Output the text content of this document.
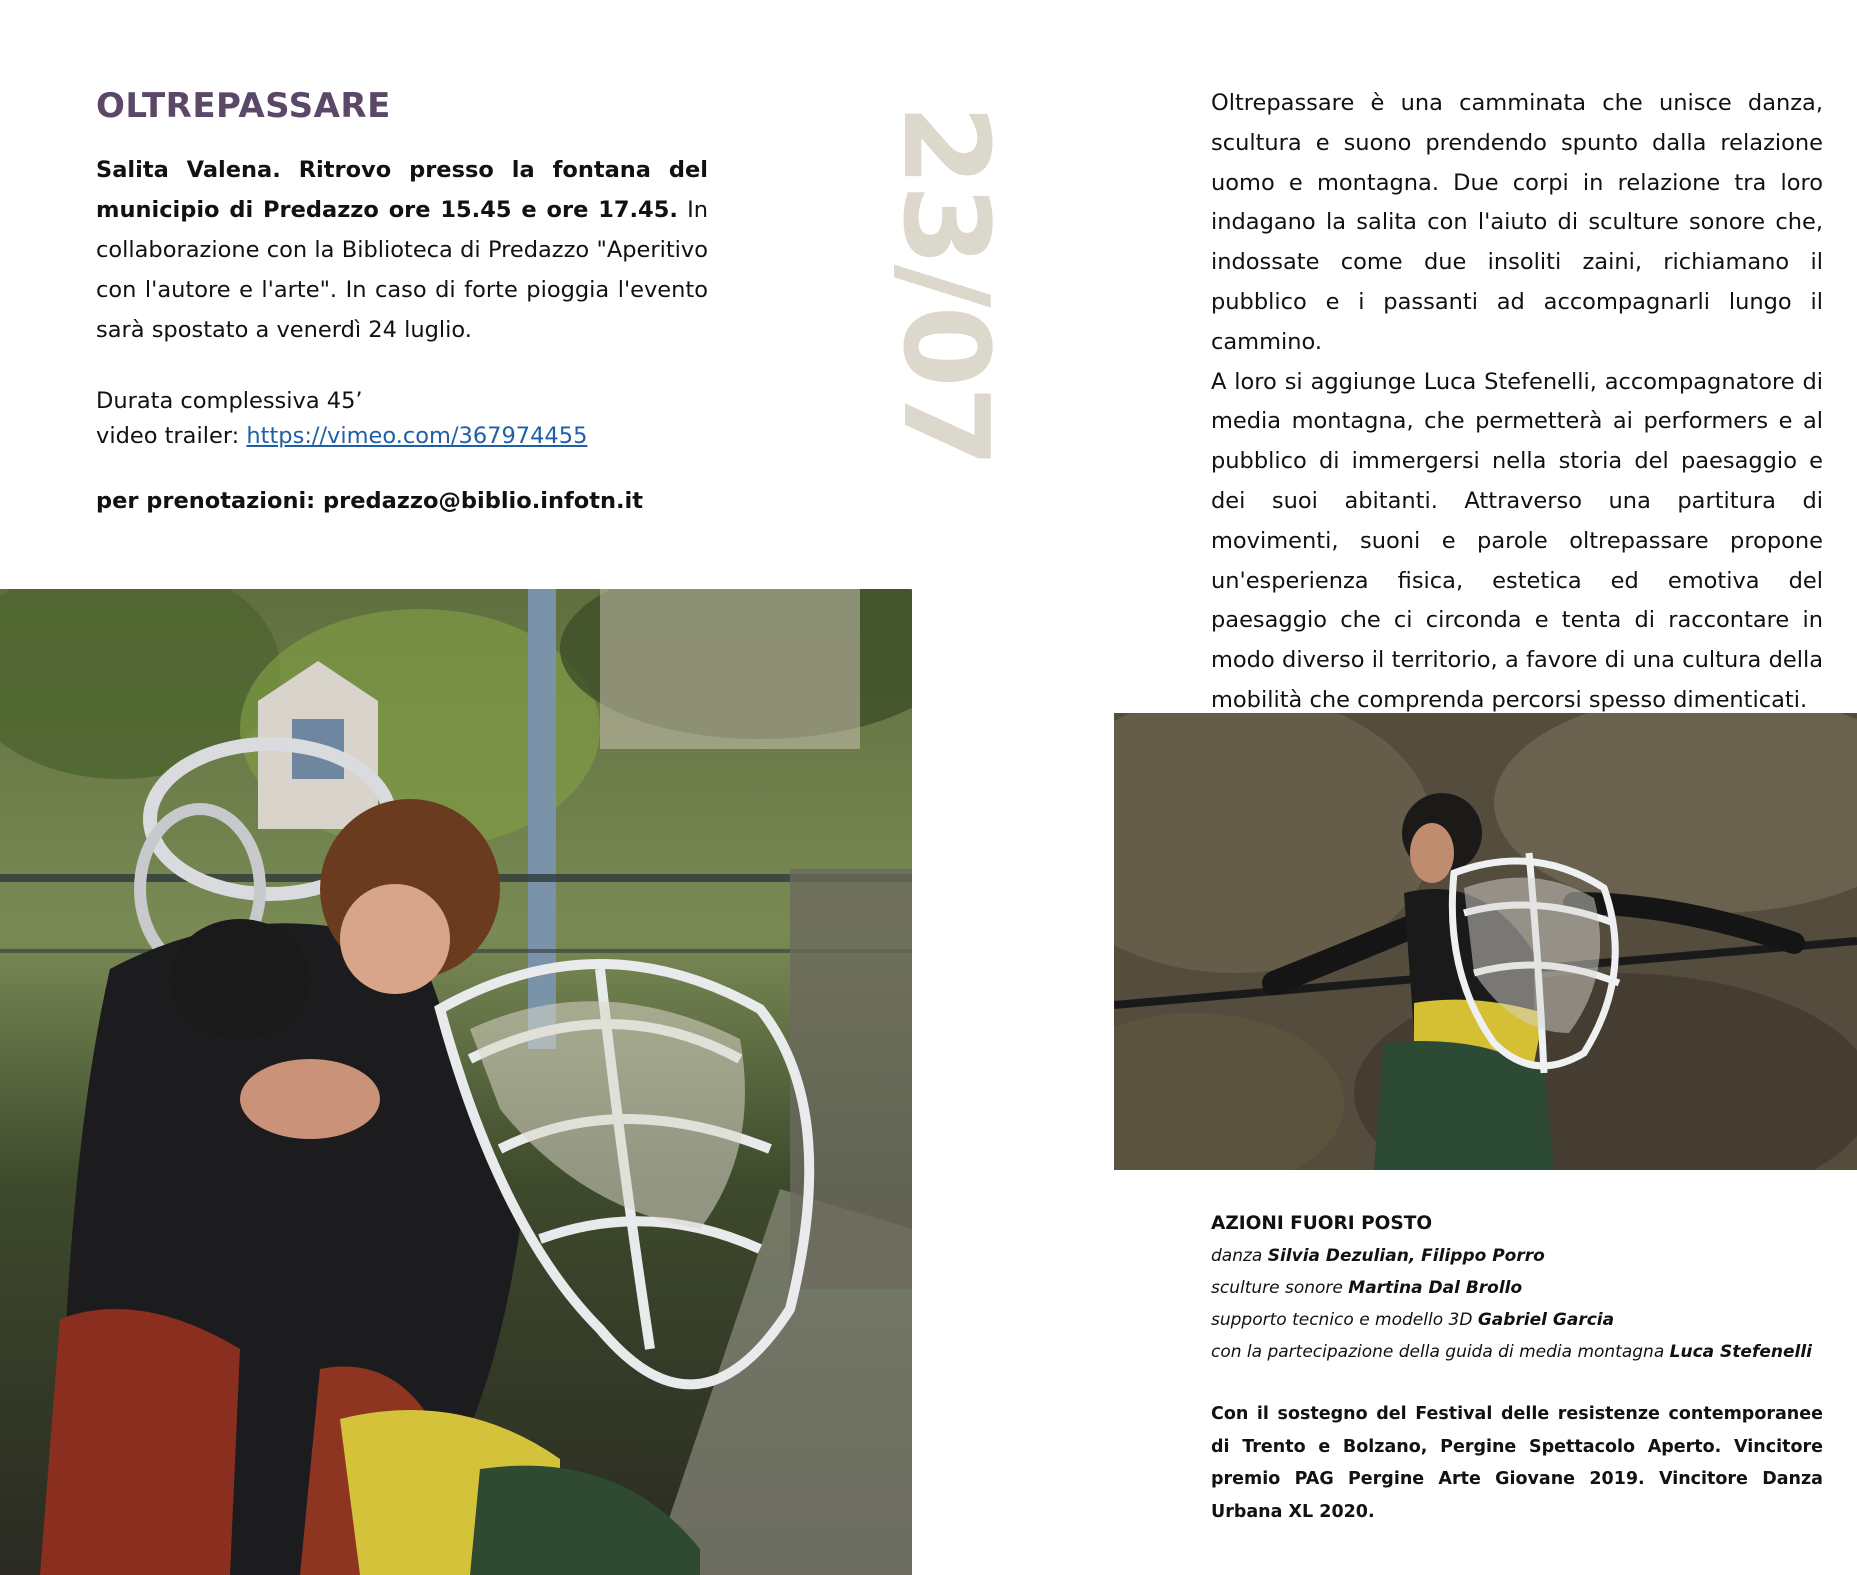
OLTREPASSARE
Salita Valena. Ritrovo presso la fontana del municipio di Predazzo ore 15.45 e ore 17.45. In collaborazione con la Biblioteca di Predazzo "Aperitivo con l'autore e l'arte". In caso di forte pioggia l'evento sarà spostato a venerdì 24 luglio.
Durata complessiva 45’
video trailer: https://vimeo.com/367974455
per prenotazioni: predazzo@biblio.infotn.it
23/07

Oltrepassare è una camminata che unisce danza, scultura e suono prendendo spunto dalla relazione uomo e montagna. Due corpi in relazione tra loro indagano la salita con l'aiuto di sculture sonore che, indossate come due insoliti zaini, richiamano il pubblico e i passanti ad accompagnarli lungo il cammino.

A loro si aggiunge Luca Stefenelli, accompagnatore di media montagna, che permetterà ai performers e al pubblico di immergersi nella storia del paesaggio e dei suoi abitanti. Attraverso una partitura di movimenti, suoni e parole oltrepassare propone un'esperienza fisica, estetica ed emotiva del paesaggio che ci circonda e tenta di raccontare in modo diverso il territorio, a favore di una cultura della mobilità che comprenda percorsi spesso dimenticati.

AZIONI FUORI POSTO
danza Silvia Dezulian, Filippo Porro
sculture sonore Martina Dal Brollo
supporto tecnico e modello 3D Gabriel Garcia
con la partecipazione della guida di media montagna Luca Stefenelli
Con il sostegno del Festival delle resistenze contemporanee di Trento e Bolzano, Pergine Spettacolo Aperto. Vincitore premio PAG Pergine Arte Giovane 2019. Vincitore Danza Urbana XL 2020.
